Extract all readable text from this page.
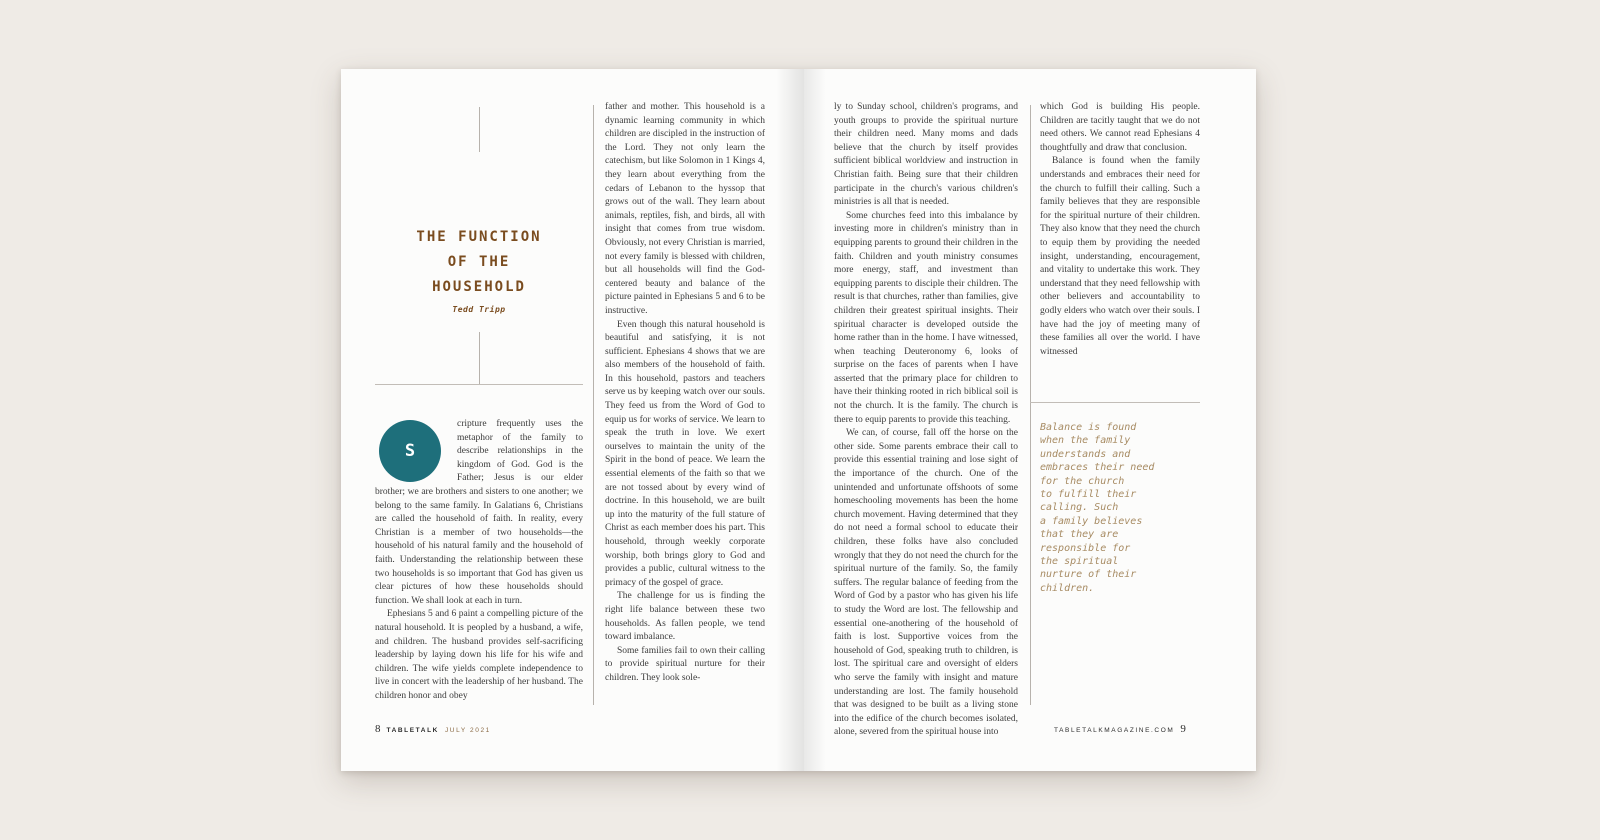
THE FUNCTION
OF THE
HOUSEHOLD
Tedd Tripp
S

cripture frequently uses the metaphor of the family to describe relationships in the kingdom of God. God is the Father; Jesus is our elder brother; we are brothers and sisters to one another; we belong to the same family. In Galatians 6, Christians are called the household of faith. In reality, every Christian is a member of two households—the household of his natural family and the household of faith. Understanding the relationship between these two households is so important that God has given us clear pictures of how these households should function. We shall look at each in turn.

Ephesians 5 and 6 paint a compelling picture of the natural household. It is peopled by a husband, a wife, and children. The husband provides self-sacrificing leadership by laying down his life for his wife and children. The wife yields complete independence to live in concert with the leadership of her husband. The children honor and obey

father and mother. This household is a dynamic learning community in which children are discipled in the instruction of the Lord. They not only learn the catechism, but like Solomon in 1 Kings 4, they learn about everything from the cedars of Lebanon to the hyssop that grows out of the wall. They learn about animals, reptiles, fish, and birds, all with insight that comes from true wisdom. Obviously, not every Christian is married, not every family is blessed with children, but all households will find the God-centered beauty and balance of the picture painted in Ephesians 5 and 6 to be instructive.

Even though this natural household is beautiful and satisfying, it is not sufficient. Ephesians 4 shows that we are also members of the household of faith. In this household, pastors and teachers serve us by keeping watch over our souls. They feed us from the Word of God to equip us for works of service. We learn to speak the truth in love. We exert ourselves to maintain the unity of the Spirit in the bond of peace. We learn the essential elements of the faith so that we are not tossed about by every wind of doctrine. In this household, we are built up into the maturity of the full stature of Christ as each member does his part. This household, through weekly corporate worship, both brings glory to God and provides a public, cultural witness to the primacy of the gospel of grace.

The challenge for us is finding the right life balance between these two households. As fallen people, we tend toward imbalance.

Some families fail to own their calling to provide spiritual nurture for their children. They look sole-

8 TABLETALK JULY 2021

ly to Sunday school, children's programs, and youth groups to provide the spiritual nurture their children need. Many moms and dads believe that the church by itself provides sufficient biblical worldview and instruction in Christian faith. Being sure that their children participate in the church's various children's ministries is all that is needed.

Some churches feed into this imbalance by investing more in children's ministry than in equipping parents to ground their children in the faith. Children and youth ministry consumes more energy, staff, and investment than equipping parents to disciple their children. The result is that churches, rather than families, give children their greatest spiritual insights. Their spiritual character is developed outside the home rather than in the home. I have witnessed, when teaching Deuteronomy 6, looks of surprise on the faces of parents when I have asserted that the primary place for children to have their thinking rooted in rich biblical soil is not the church. It is the family. The church is there to equip parents to provide this teaching.

We can, of course, fall off the horse on the other side. Some parents embrace their call to provide this essential training and lose sight of the importance of the church. One of the unintended and unfortunate offshoots of some homeschooling movements has been the home church movement. Having determined that they do not need a formal school to educate their children, these folks have also concluded wrongly that they do not need the church for the spiritual nurture of the family. So, the family suffers. The regular balance of feeding from the Word of God by a pastor who has given his life to study the Word are lost. The fellowship and essential one-anothering of the household of faith is lost. Supportive voices from the household of God, speaking truth to children, is lost. The spiritual care and oversight of elders who serve the family with insight and mature understanding are lost. The family household that was designed to be built as a living stone into the edifice of the church becomes isolated, alone, severed from the spiritual house into

which God is building His people. Children are tacitly taught that we do not need others. We cannot read Ephesians 4 thoughtfully and draw that conclusion.

Balance is found when the family understands and embraces their need for the church to fulfill their calling. Such a family believes that they are responsible for the spiritual nurture of their children. They also know that they need the church to equip them by providing the needed insight, understanding, encouragement, and vitality to undertake this work. They understand that they need fellowship with other believers and accountability to godly elders who watch over their souls. I have had the joy of meeting many of these families all over the world. I have witnessed

Balance is found
when the family
understands and
embraces their need
for the church
to fulfill their
calling. Such
a family believes
that they are
responsible for
the spiritual
nurture of their
children.
TABLETALKMAGAZINE.COM 9
